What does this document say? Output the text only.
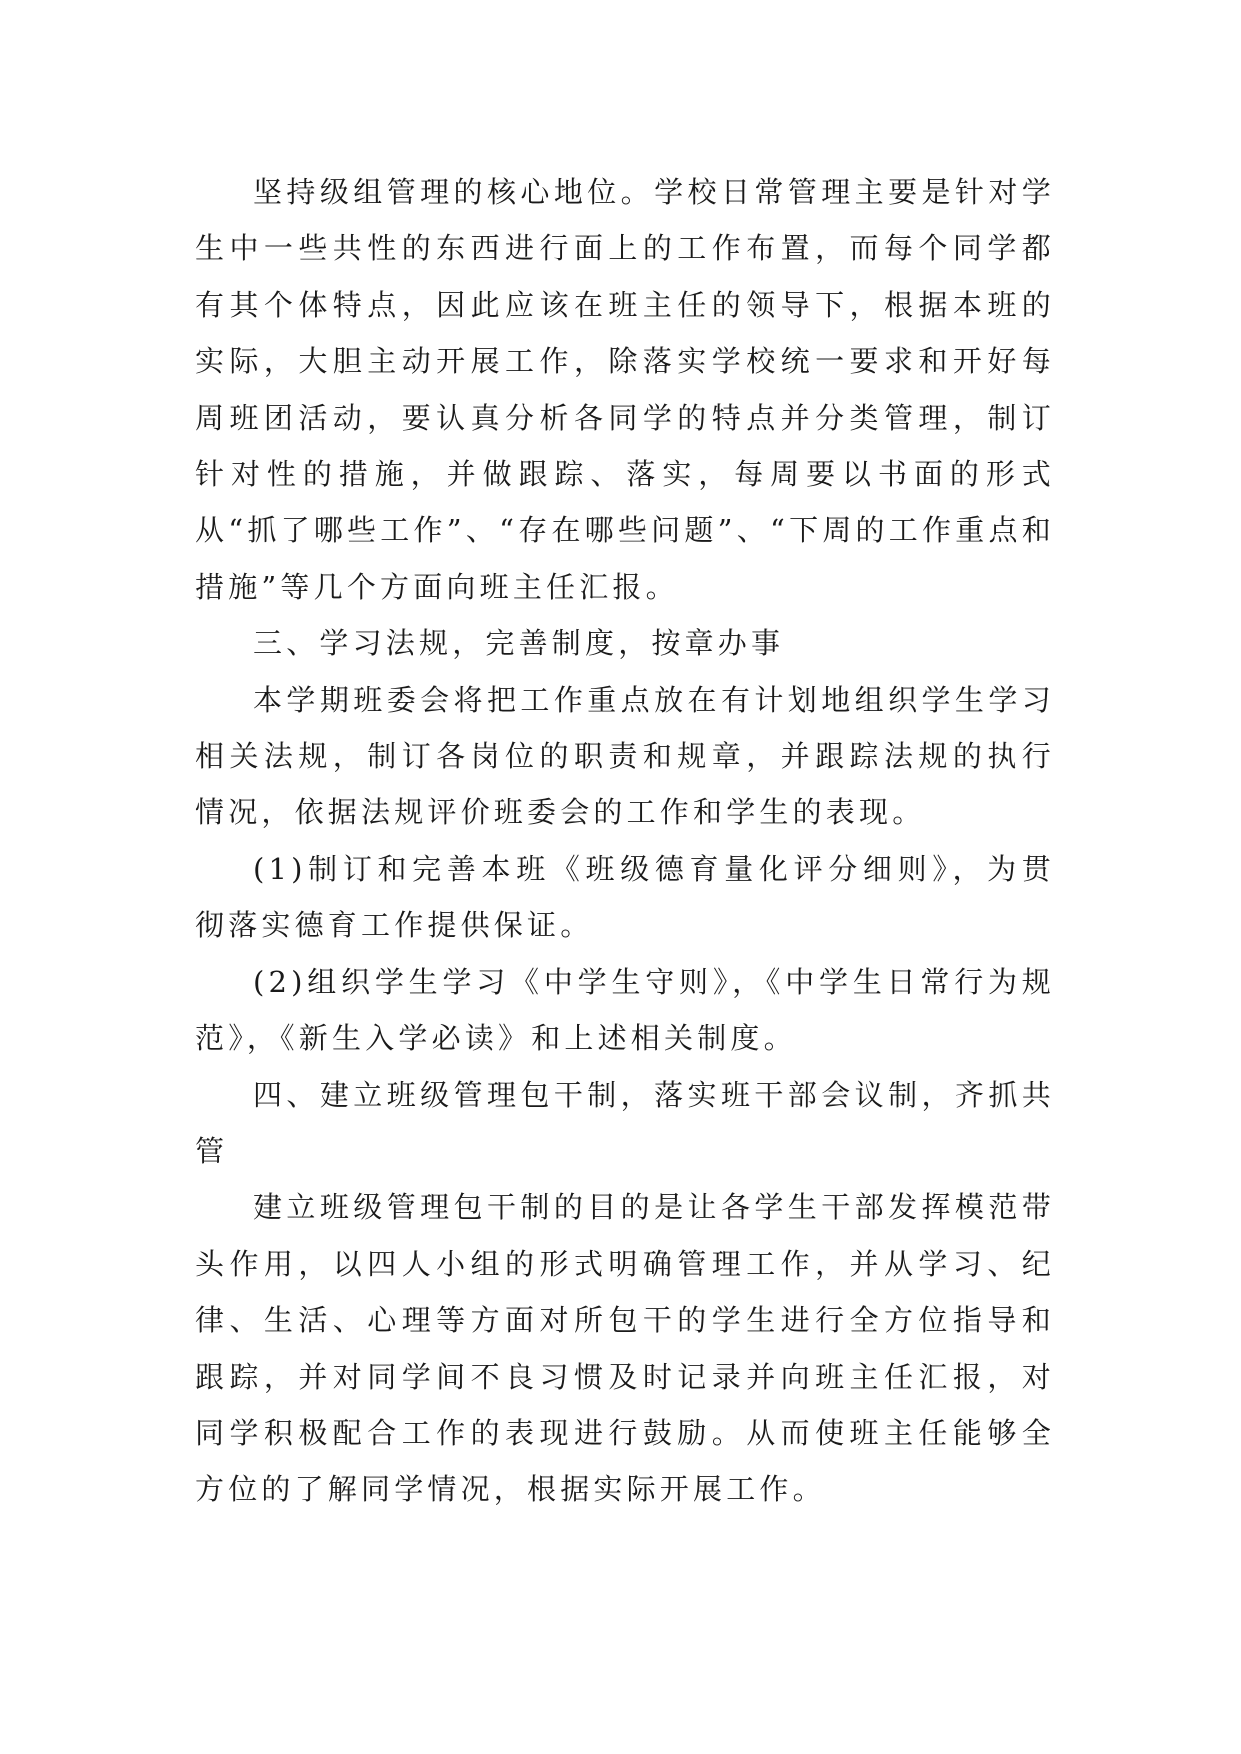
坚持级组管理的核心地位。学校日常管理主要是针对学生中一些共性的东西进行面上的工作布置，而每个同学都有其个体特点，因此应该在班主任的领导下，根据本班的实际，大胆主动开展工作，除落实学校统一要求和开好每周班团活动，要认真分析各同学的特点并分类管理，制订针对性的措施，并做跟踪、落实，每周要以书面的形式从“抓了哪些工作”、“存在哪些问题”、“下周的工作重点和措施”等几个方面向班主任汇报。

三、学习法规，完善制度，按章办事

本学期班委会将把工作重点放在有计划地组织学生学习相关法规，制订各岗位的职责和规章，并跟踪法规的执行情况，依据法规评价班委会的工作和学生的表现。

(1)制订和完善本班《班级德育量化评分细则》，为贯彻落实德育工作提供保证。

(2)组织学生学习《中学生守则》，《中学生日常行为规范》，《新生入学必读》和上述相关制度。

四、建立班级管理包干制，落实班干部会议制，齐抓共管

建立班级管理包干制的目的是让各学生干部发挥模范带头作用，以四人小组的形式明确管理工作，并从学习、纪律、生活、心理等方面对所包干的学生进行全方位指导和跟踪，并对同学间不良习惯及时记录并向班主任汇报，对同学积极配合工作的表现进行鼓励。从而使班主任能够全方位的了解同学情况，根据实际开展工作。
